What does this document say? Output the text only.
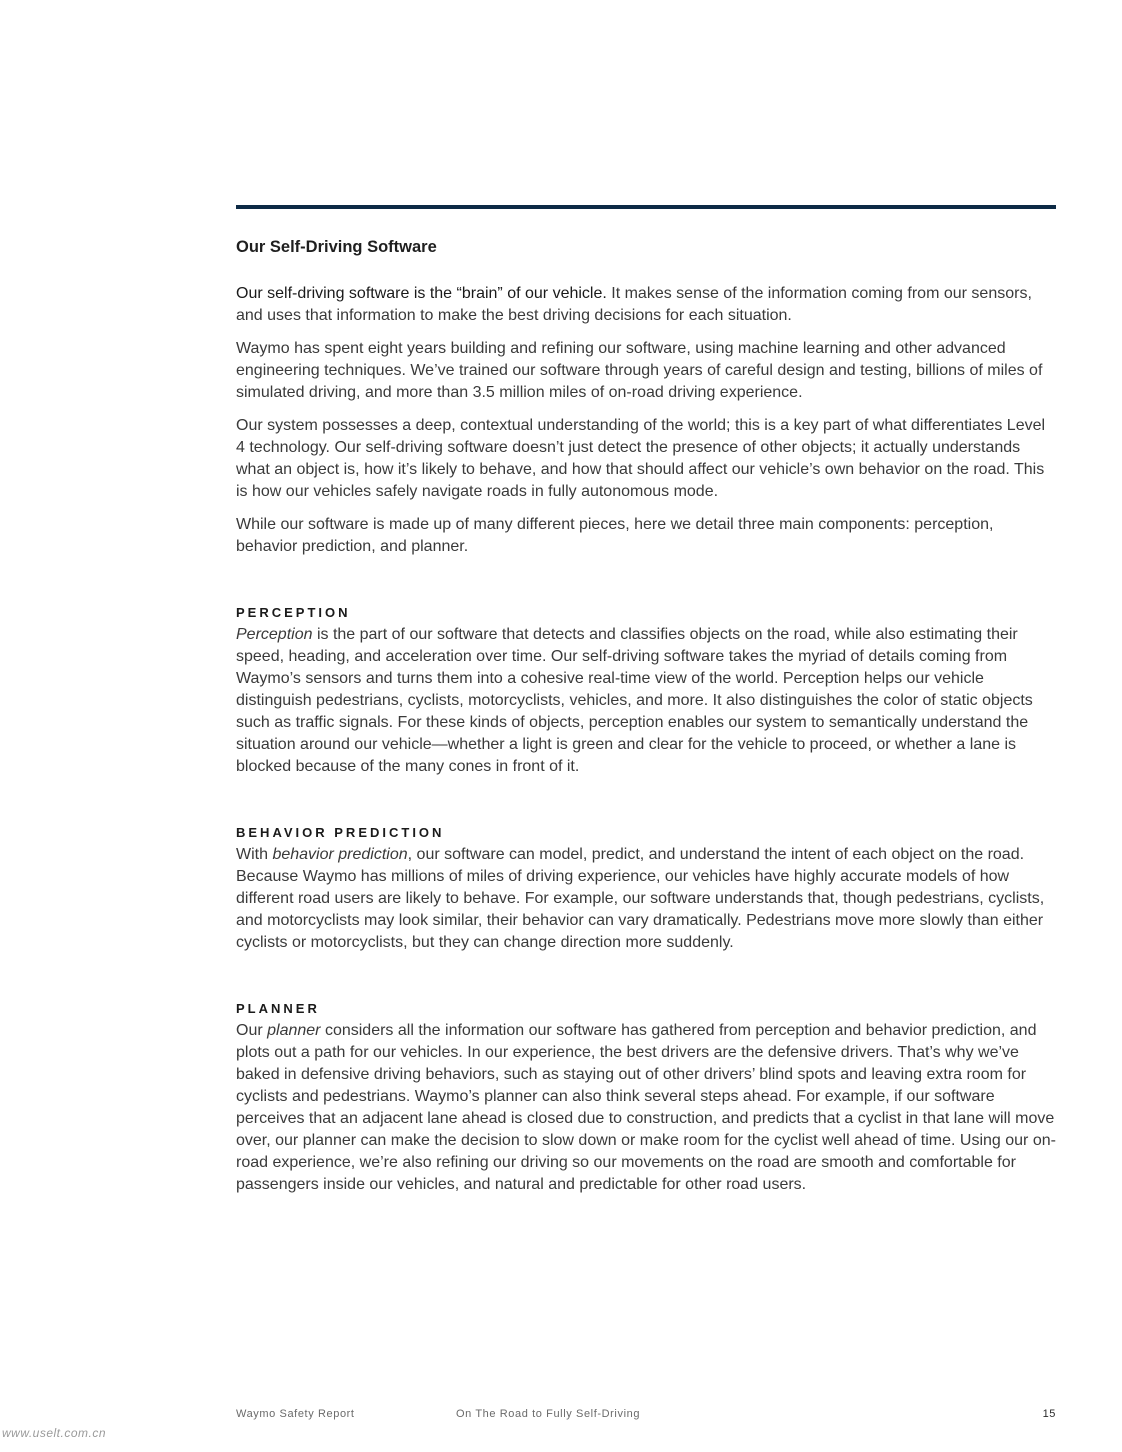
Our Self-Driving Software

Our self-driving software is the “brain” of our vehicle. It makes sense of the information coming from our sensors, and uses that information to make the best driving decisions for each situation.

Waymo has spent eight years building and refining our software, using machine learning and other advanced engineering techniques. We’ve trained our software through years of careful design and testing, billions of miles of simulated driving, and more than 3.5 million miles of on-road driving experience.

Our system possesses a deep, contextual understanding of the world; this is a key part of what differentiates Level 4 technology. Our self-driving software doesn’t just detect the presence of other objects; it actually understands what an object is, how it’s likely to behave, and how that should affect our vehicle’s own behavior on the road. This is how our vehicles safely navigate roads in fully autonomous mode.

While our software is made up of many different pieces, here we detail three main components: perception, behavior prediction, and planner.

PERCEPTION

Perception is the part of our software that detects and classifies objects on the road, while also estimating their speed, heading, and acceleration over time. Our self-driving software takes the myriad of details coming from Waymo’s sensors and turns them into a cohesive real-time view of the world. Perception helps our vehicle distinguish pedestrians, cyclists, motorcyclists, vehicles, and more. It also distinguishes the color of static objects such as traffic signals. For these kinds of objects, perception enables our system to semantically understand the situation around our vehicle—whether a light is green and clear for the vehicle to proceed, or whether a lane is blocked because of the many cones in front of it.

BEHAVIOR PREDICTION

With behavior prediction, our software can model, predict, and understand the intent of each object on the road. Because Waymo has millions of miles of driving experience, our vehicles have highly accurate models of how different road users are likely to behave. For example, our software understands that, though pedestrians, cyclists, and motorcyclists may look similar, their behavior can vary dramatically. Pedestrians move more slowly than either cyclists or motorcyclists, but they can change direction more suddenly.

PLANNER

Our planner considers all the information our software has gathered from perception and behavior prediction, and plots out a path for our vehicles. In our experience, the best drivers are the defensive drivers. That’s why we’ve baked in defensive driving behaviors, such as staying out of other drivers’ blind spots and leaving extra room for cyclists and pedestrians. Waymo’s planner can also think several steps ahead. For example, if our software perceives that an adjacent lane ahead is closed due to construction, and predicts that a cyclist in that lane will move over, our planner can make the decision to slow down or make room for the cyclist well ahead of time. Using our on-road experience, we’re also refining our driving so our movements on the road are smooth and comfortable for passengers inside our vehicles, and natural and predictable for other road users.

Waymo Safety Report	On The Road to Fully Self-Driving	15
www.uselt.com.cn
